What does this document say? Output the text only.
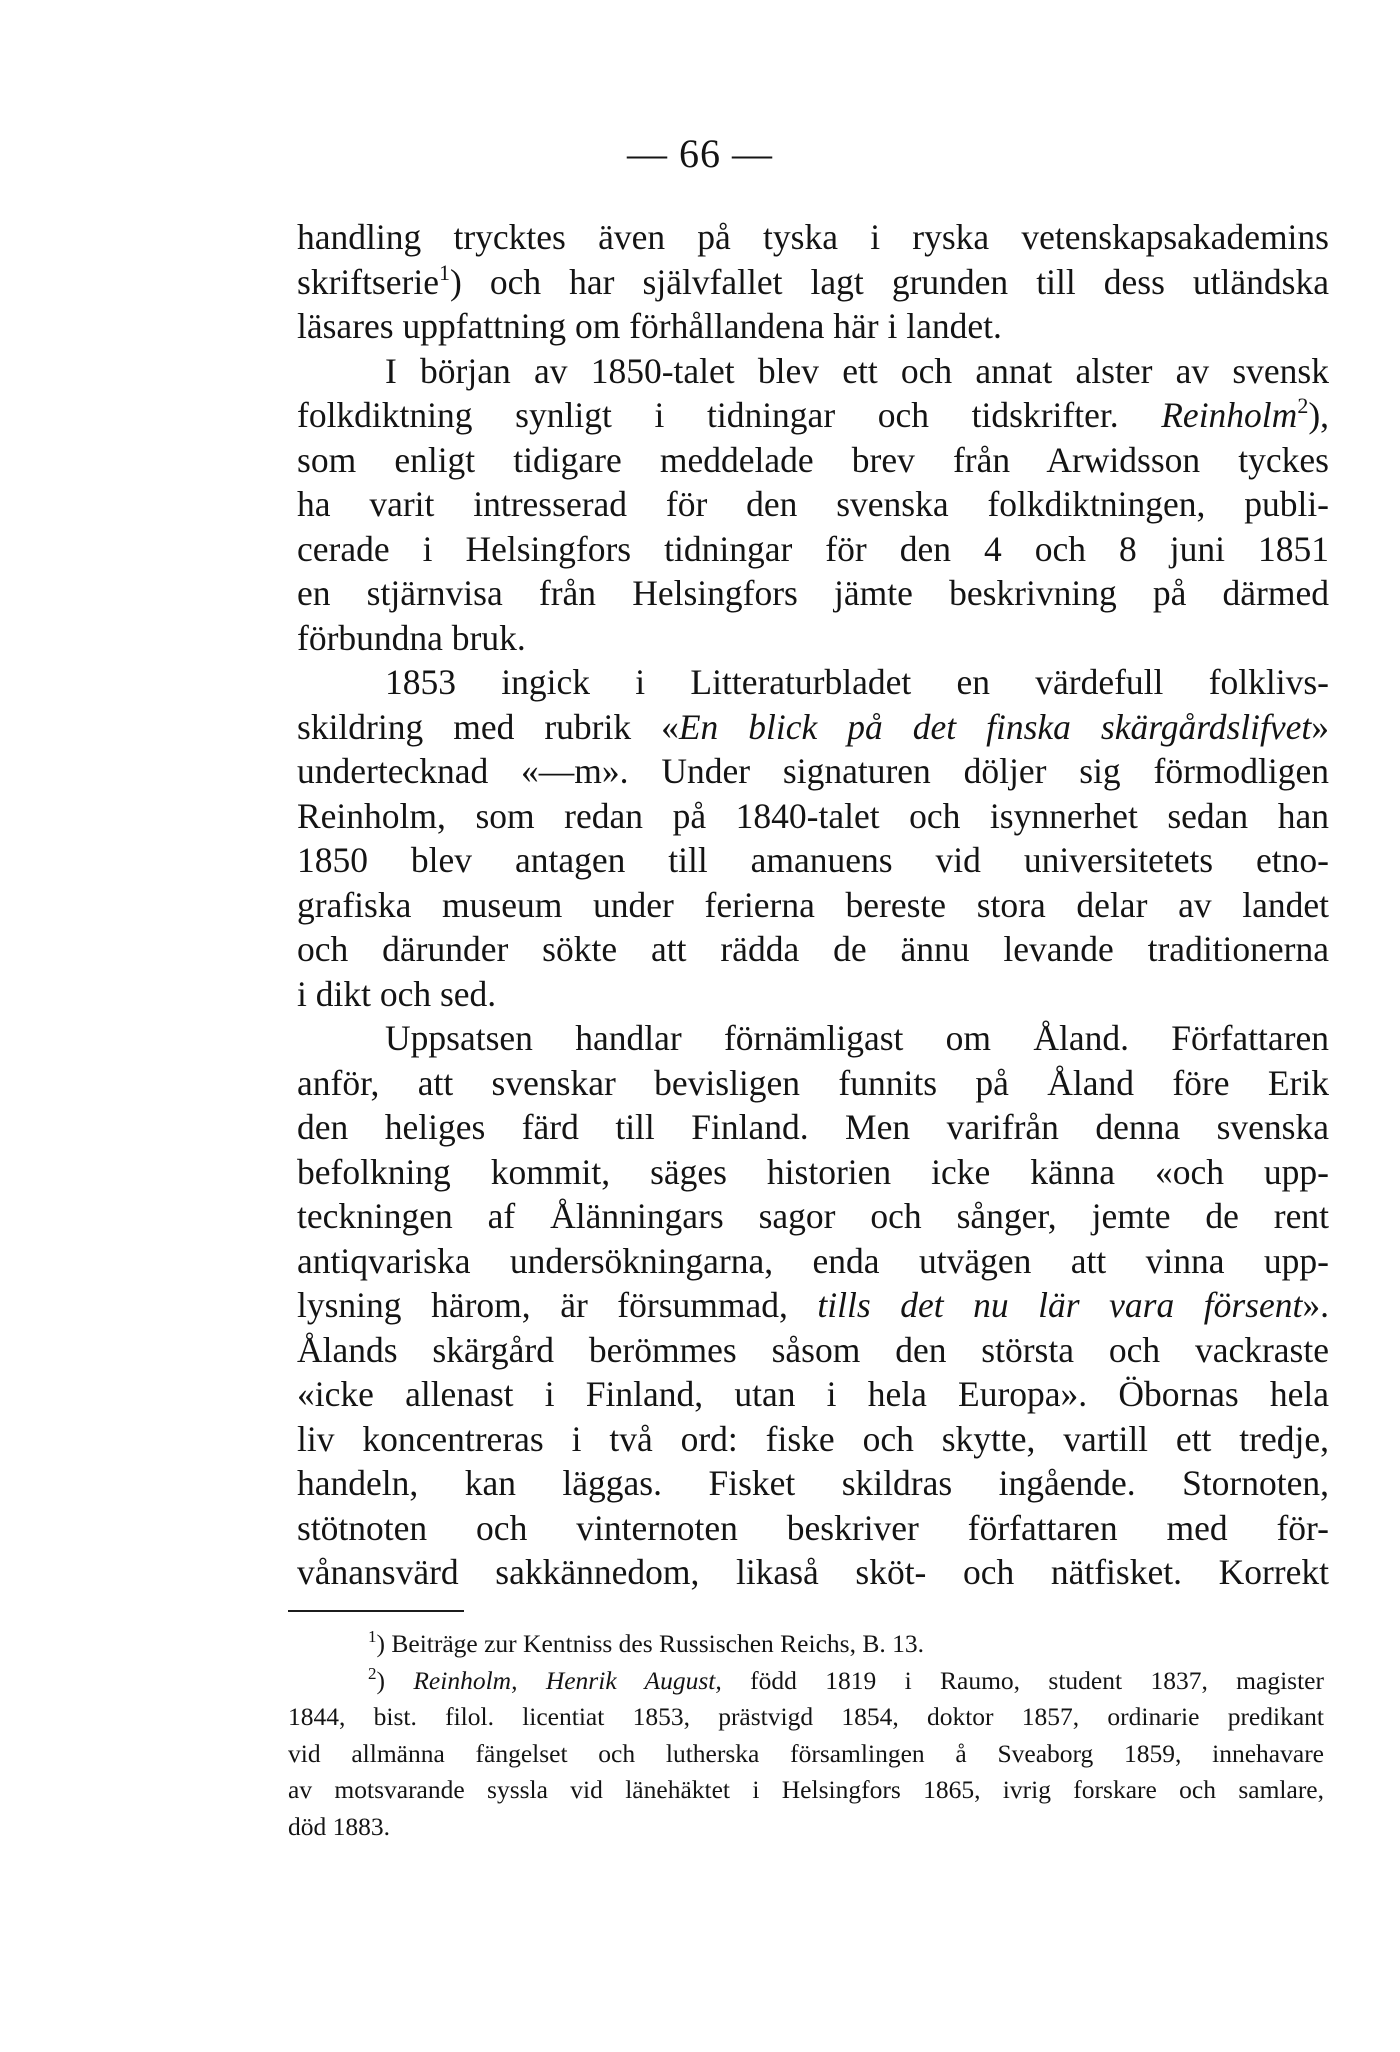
— 66 —

handling trycktes även på tyska i ryska vetenskapsakademins
skriftserie$^1$) och har självfallet lagt grunden till dess utländska
läsares uppfattning om förhållandena här i landet.

I början av 1850-talet blev ett och annat alster av svensk
folkdiktning synligt i tidningar och tidskrifter. Reinholm$^2$),
som enligt tidigare meddelade brev från Arwidsson tyckes
ha varit intresserad för den svenska folkdiktningen, publi-
cerade i Helsingfors tidningar för den 4 och 8 juni 1851
en stjärnvisa från Helsingfors jämte beskrivning på därmed
förbundna bruk.

1853 ingick i Litteraturbladet en värdefull folklivs-
skildring med rubrik «En blick på det finska skärgårdslifvet»
undertecknad «—m». Under signaturen döljer sig förmodligen
Reinholm, som redan på 1840-talet och isynnerhet sedan han
1850 blev antagen till amanuens vid universitetets etno-
grafiska museum under ferierna bereste stora delar av landet
och därunder sökte att rädda de ännu levande traditionerna
i dikt och sed.

Uppsatsen handlar förnämligast om Åland. Författaren
anför, att svenskar bevisligen funnits på Åland före Erik
den heliges färd till Finland. Men varifrån denna svenska
befolkning kommit, säges historien icke känna «och upp-
teckningen af Ålänningars sagor och sånger, jemte de rent
antiqvariska undersökningarna, enda utvägen att vinna upp-
lysning härom, är försummad, tills det nu lär vara försent».
Ålands skärgård berömmes såsom den största och vackraste
«icke allenast i Finland, utan i hela Europa». Öbornas hela
liv koncentreras i två ord: fiske och skytte, vartill ett tredje,
handeln, kan läggas. Fisket skildras ingående. Stornoten,
stötnoten och vinternoten beskriver författaren med för-
vånansvärd sakkännedom, likaså sköt- och nätfisket. Korrekt

$^1$) Beiträge zur Kentniss des Russischen Reichs, B. 13.
$^2$) Reinholm, Henrik August, född 1819 i Raumo, student 1837, magister
1844, bist. filol. licentiat 1853, prästvigd 1854, doktor 1857, ordinarie predikant
vid allmänna fängelset och lutherska församlingen å Sveaborg 1859, innehavare
av motsvarande syssla vid länehäktet i Helsingfors 1865, ivrig forskare och samlare,
död 1883.
